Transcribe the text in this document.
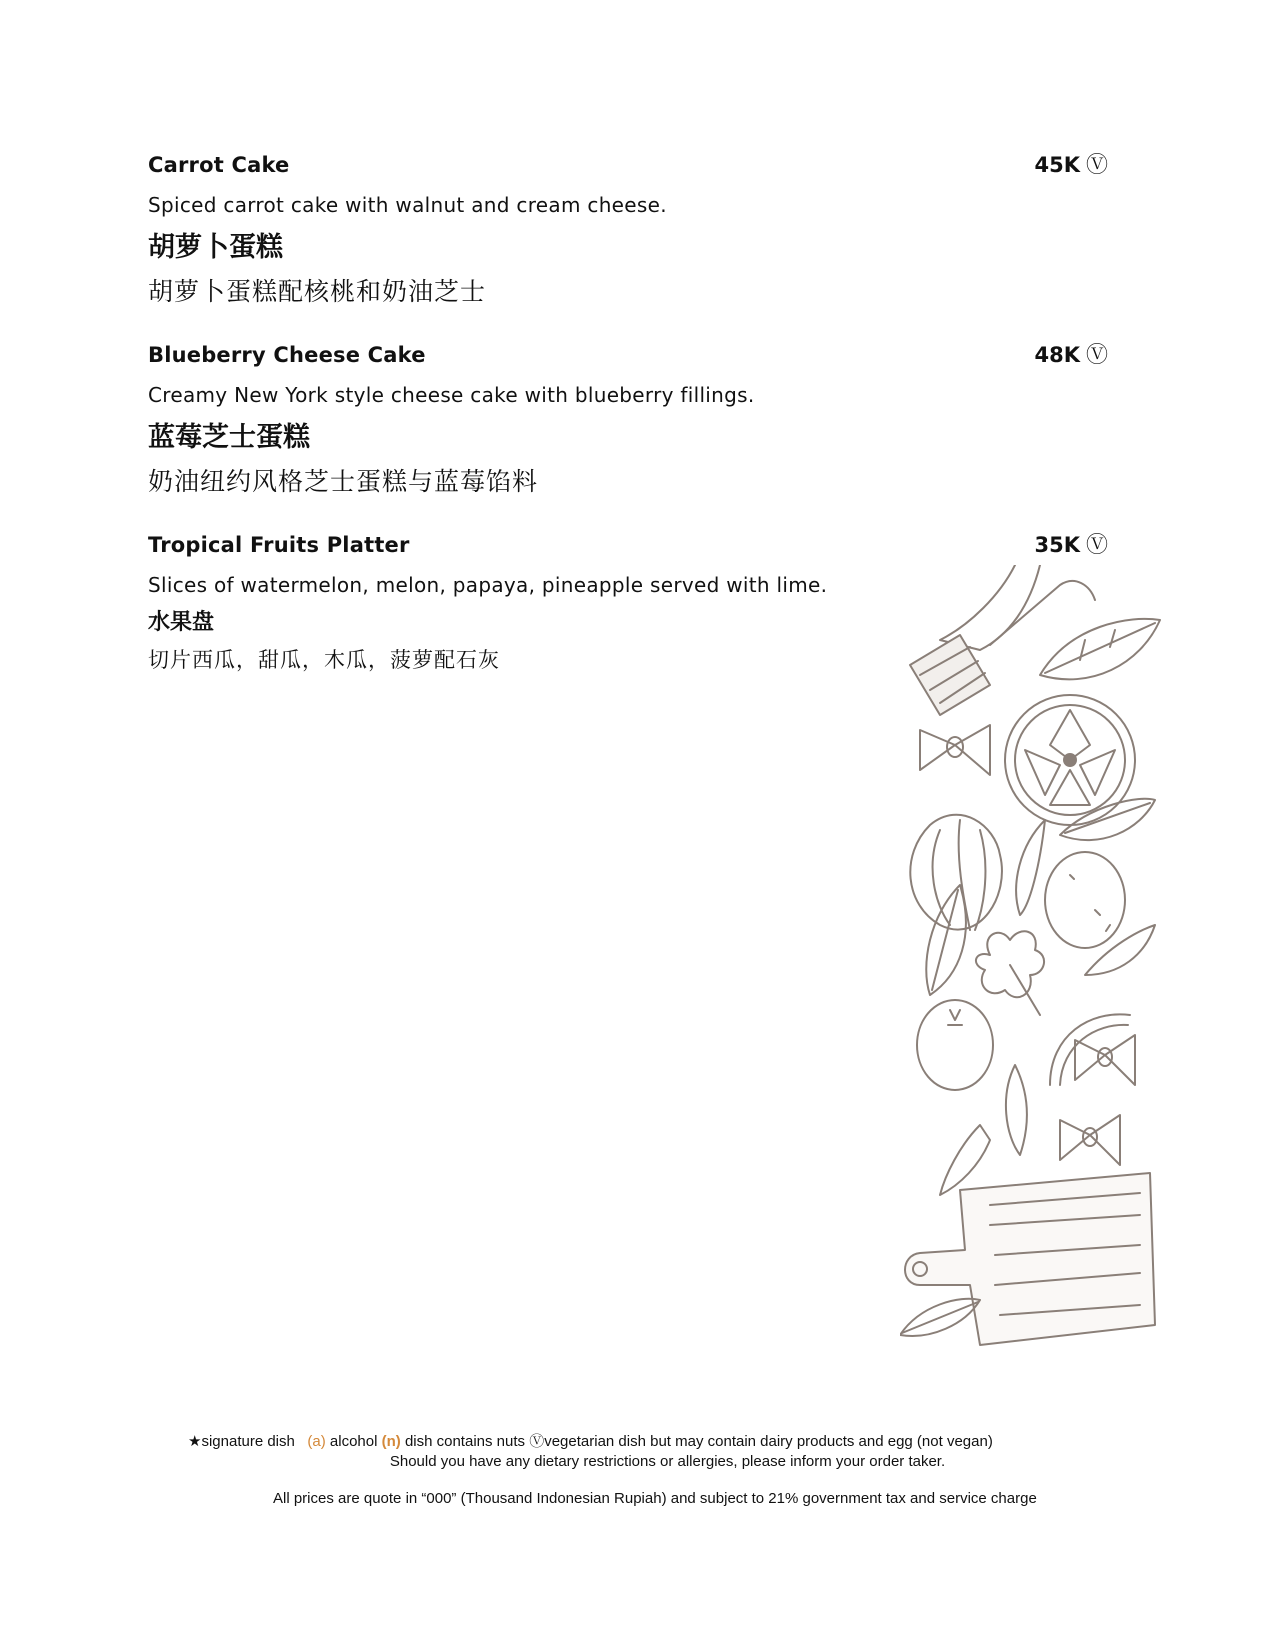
Carrot Cake	45K Ⓥ
Spiced carrot cake with walnut and cream cheese.
胡萝卜蛋糕
胡萝卜蛋糕配核桃和奶油芝士
Blueberry Cheese Cake	48K Ⓥ
Creamy New York style cheese cake with blueberry fillings.
蓝莓芝士蛋糕
奶油纽约风格芝士蛋糕与蓝莓馅料
Tropical Fruits Platter	35K Ⓥ
Slices of watermelon, melon, papaya, pineapple served with lime.
水果盘
切片西瓜，甜瓜，木瓜，菠萝配石灰
★signature dish (a) alcohol (n) dish contains nuts Ⓥvegetarian dish but may contain dairy products and egg (not vegan)
Should you have any dietary restrictions or allergies, please inform your order taker.
All prices are quote in “000” (Thousand Indonesian Rupiah) and subject to 21% government tax and service charge
